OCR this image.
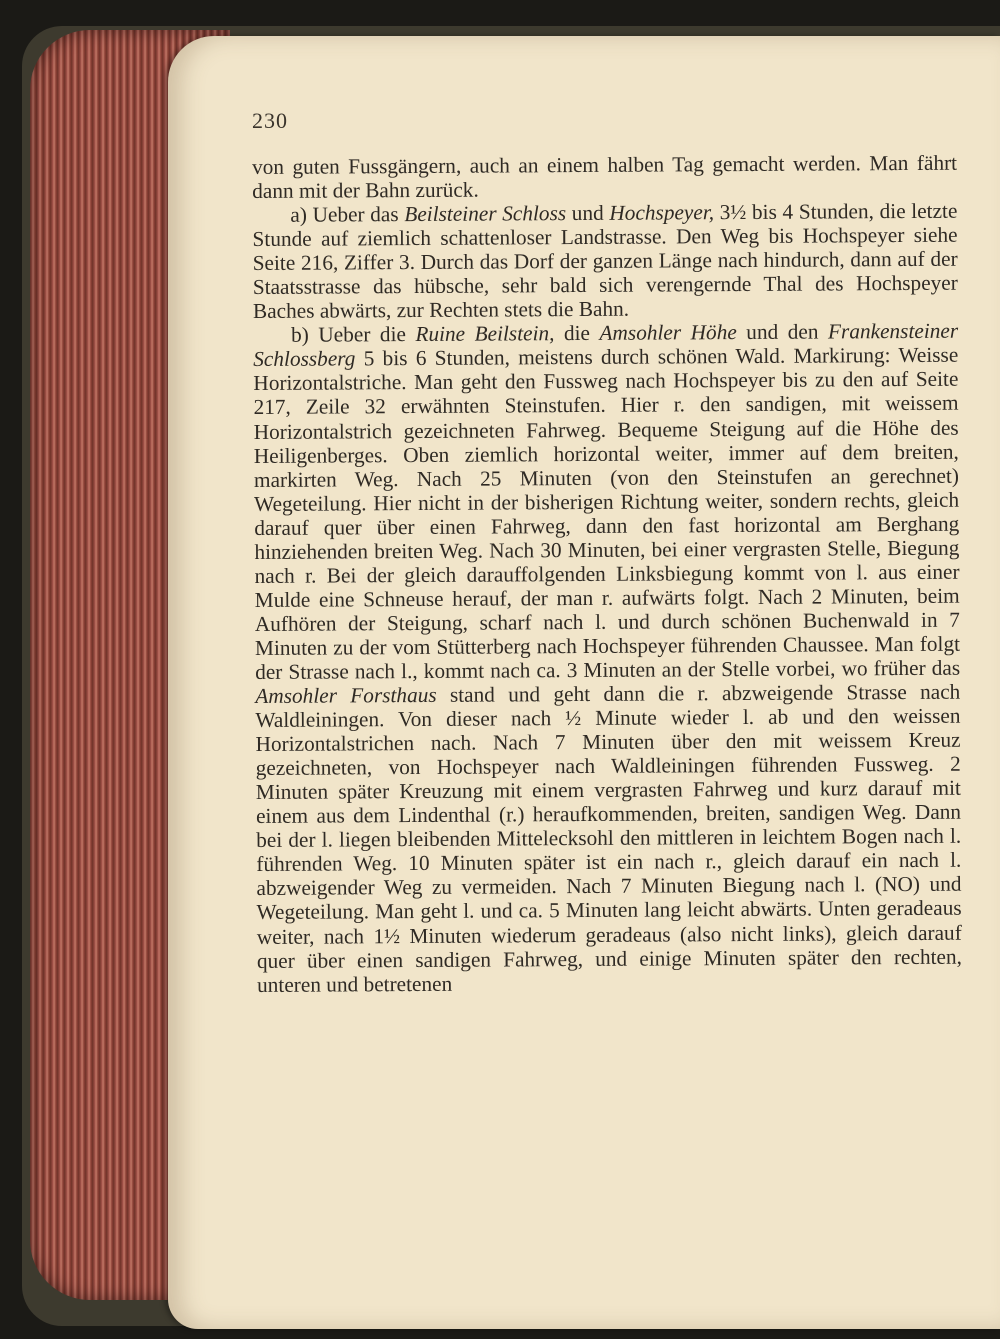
230

von guten Fussgängern, auch an einem halben Tag gemacht werden. Man fährt dann mit der Bahn zurück.

a) Ueber das Beilsteiner Schloss und Hochspeyer, 3½ bis 4 Stunden, die letzte Stunde auf ziemlich schattenloser Landstrasse. Den Weg bis Hochspeyer siehe Seite 216, Ziffer 3. Durch das Dorf der ganzen Länge nach hindurch, dann auf der Staatsstrasse das hübsche, sehr bald sich verengernde Thal des Hochspeyer Baches abwärts, zur Rechten stets die Bahn.

b) Ueber die Ruine Beilstein, die Amsohler Höhe und den Frankensteiner Schlossberg 5 bis 6 Stunden, meistens durch schönen Wald. Markirung: Weisse Horizontalstriche. Man geht den Fussweg nach Hochspeyer bis zu den auf Seite 217, Zeile 32 erwähnten Steinstufen. Hier r. den sandigen, mit weissem Horizontalstrich gezeichneten Fahrweg. Bequeme Steigung auf die Höhe des Heiligenberges. Oben ziemlich horizontal weiter, immer auf dem breiten, markirten Weg. Nach 25 Minuten (von den Steinstufen an gerechnet) Wegeteilung. Hier nicht in der bisherigen Richtung weiter, sondern rechts, gleich darauf quer über einen Fahrweg, dann den fast horizontal am Berghang hinziehenden breiten Weg. Nach 30 Minuten, bei einer vergrasten Stelle, Biegung nach r. Bei der gleich darauffolgenden Linksbiegung kommt von l. aus einer Mulde eine Schneuse herauf, der man r. aufwärts folgt. Nach 2 Minuten, beim Aufhören der Steigung, scharf nach l. und durch schönen Buchenwald in 7 Minuten zu der vom Stütterberg nach Hochspeyer führenden Chaussee. Man folgt der Strasse nach l., kommt nach ca. 3 Minuten an der Stelle vorbei, wo früher das Amsohler Forsthaus stand und geht dann die r. abzweigende Strasse nach Waldleiningen. Von dieser nach ½ Minute wieder l. ab und den weissen Horizontalstrichen nach. Nach 7 Minuten über den mit weissem Kreuz gezeichneten, von Hochspeyer nach Waldleiningen führenden Fussweg. 2 Minuten später Kreuzung mit einem vergrasten Fahrweg und kurz darauf mit einem aus dem Lindenthal (r.) heraufkommenden, breiten, sandigen Weg. Dann bei der l. liegen bleibenden Mittelecksohl den mittleren in leichtem Bogen nach l. führenden Weg. 10 Minuten später ist ein nach r., gleich darauf ein nach l. abzweigender Weg zu vermeiden. Nach 7 Minuten Biegung nach l. (NO) und Wegeteilung. Man geht l. und ca. 5 Minuten lang leicht abwärts. Unten geradeaus weiter, nach 1½ Minuten wiederum geradeaus (also nicht links), gleich darauf quer über einen sandigen Fahrweg, und einige Minuten später den rechten, unteren und betretenen
